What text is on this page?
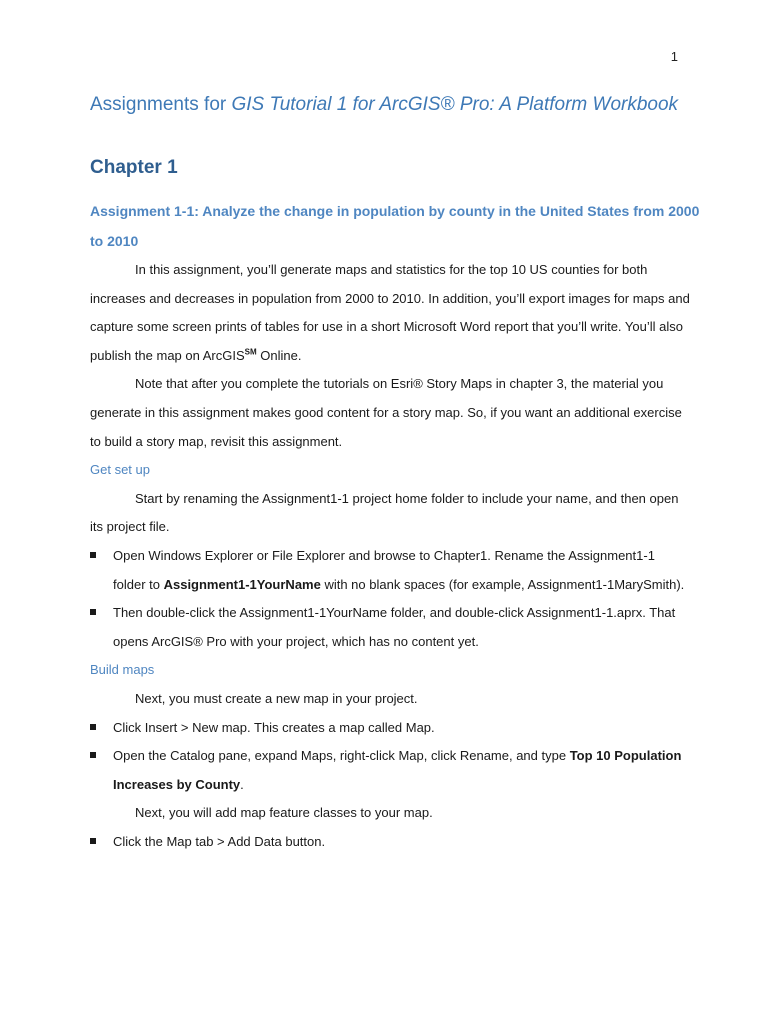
1
Assignments for GIS Tutorial 1 for ArcGIS® Pro: A Platform Workbook
Chapter 1
Assignment 1-1: Analyze the change in population by county in the United States from 2000 to 2010

In this assignment, you’ll generate maps and statistics for the top 10 US counties for both increases and decreases in population from 2000 to 2010. In addition, you’ll export images for maps and capture some screen prints of tables for use in a short Microsoft Word report that you’ll write. You’ll also publish the map on ArcGIS℠ Online.

Note that after you complete the tutorials on Esri® Story Maps in chapter 3, the material you generate in this assignment makes good content for a story map. So, if you want an additional exercise to build a story map, revisit this assignment.

Get set up

Start by renaming the Assignment1-1 project home folder to include your name, and then open its project file.

Open Windows Explorer or File Explorer and browse to Chapter1. Rename the Assignment1-1 folder to Assignment1-1YourName with no blank spaces (for example, Assignment1-1MarySmith).
Then double-click the Assignment1-1YourName folder, and double-click Assignment1-1.aprx. That opens ArcGIS® Pro with your project, which has no content yet.

Build maps

Next, you must create a new map in your project.

Click Insert > New map. This creates a map called Map.
Open the Catalog pane, expand Maps, right-click Map, click Rename, and type Top 10 Population Increases by County.

Next, you will add map feature classes to your map.

Click the Map tab > Add Data button.
